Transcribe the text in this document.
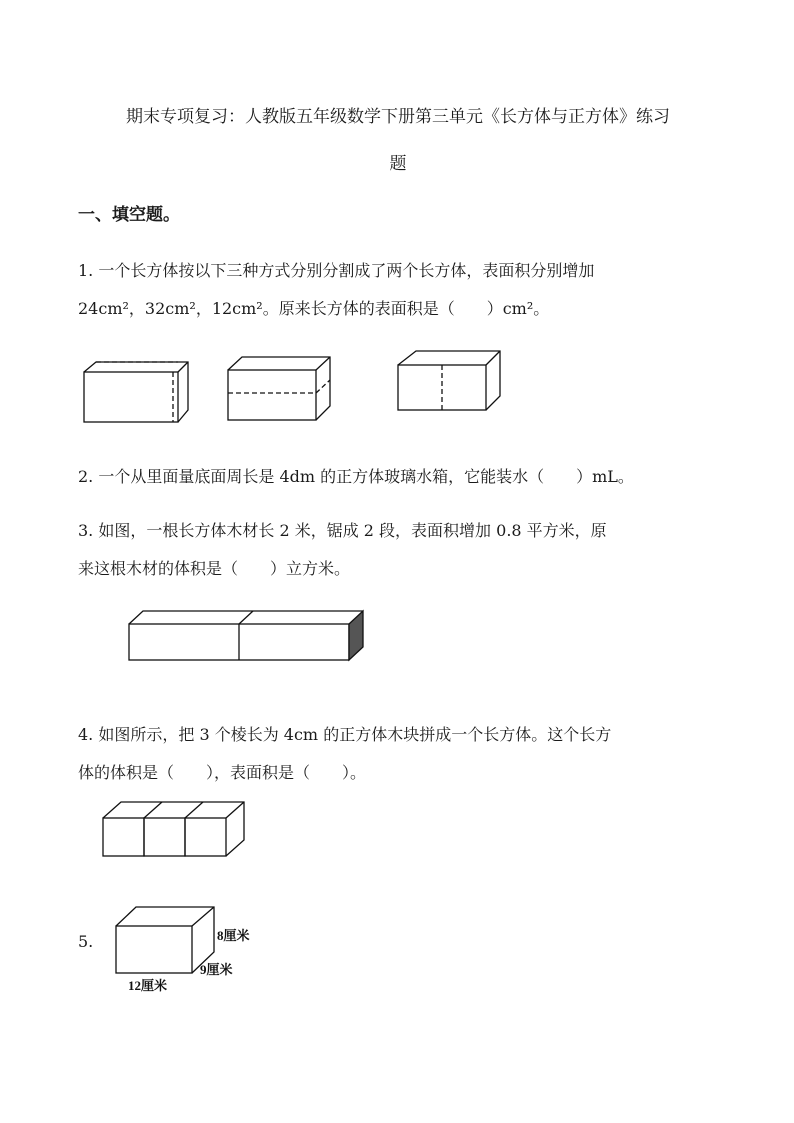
期末专项复习：人教版五年级数学下册第三单元《长方体与正方体》练习
题
一、填空题。
1. 一个长方体按以下三种方式分别分割成了两个长方体，表面积分别增加
24cm²，32cm²，12cm²。原来长方体的表面积是（　　）cm²。
2. 一个从里面量底面周长是 4dm 的正方体玻璃水箱，它能装水（　　）mL。
3. 如图，一根长方体木材长 2 米，锯成 2 段，表面积增加 0.8 平方米，原
来这根木材的体积是（　　）立方米。
4. 如图所示，把 3 个棱长为 4cm 的正方体木块拼成一个长方体。这个长方
体的体积是（　　），表面积是（　　）。
5.	8厘米
9厘米
12厘米
